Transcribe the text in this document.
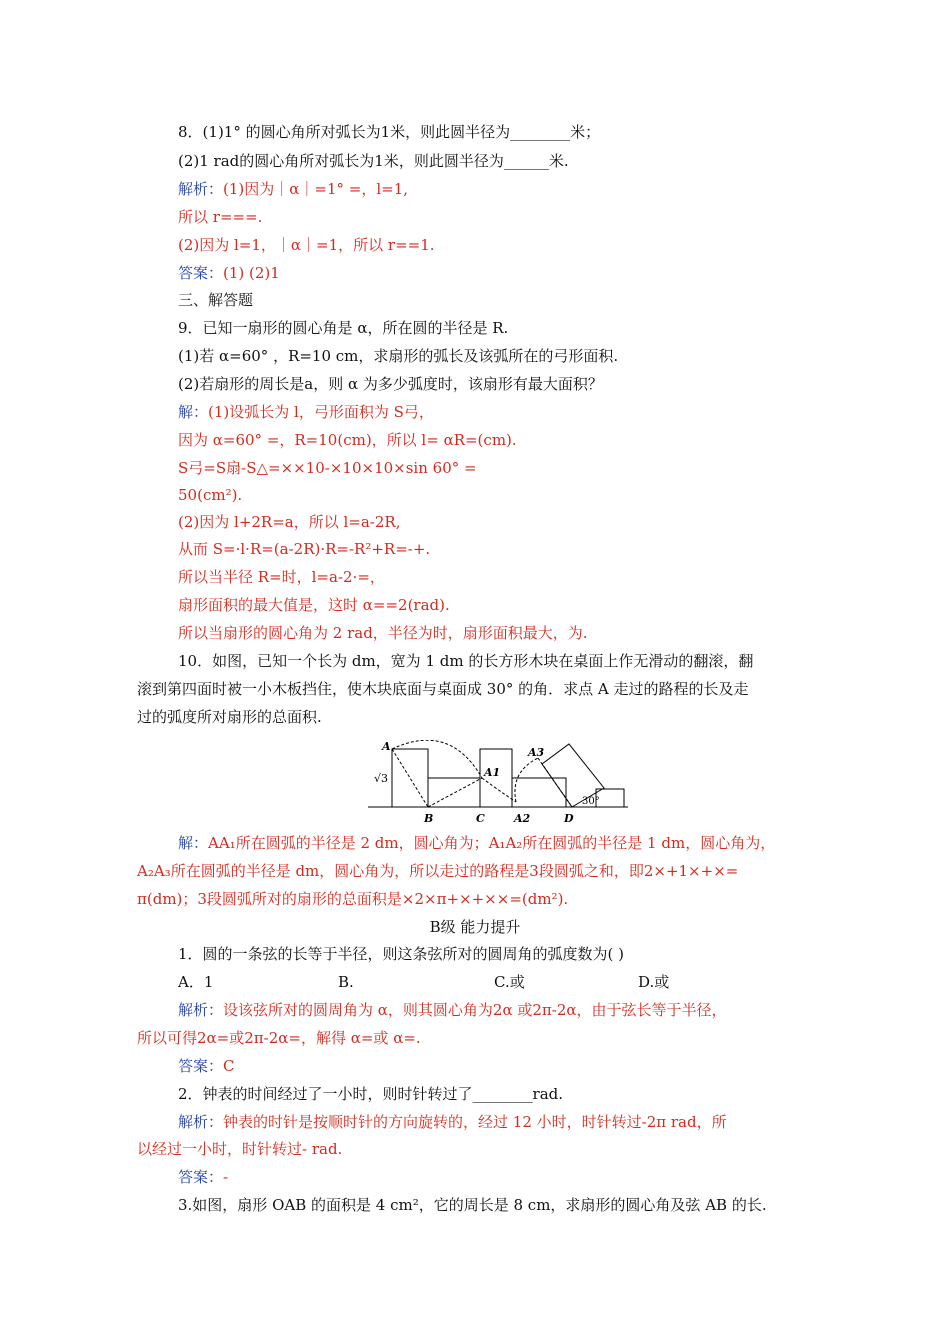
8．(1)1° 的圆心角所对弧长为1米，则此圆半径为________米；
(2)1 rad的圆心角所对弧长为1米，则此圆半径为______米.
解析：(1)因为｜α｜=1° =，l=1,
所以 r===.
(2)因为 l=1，｜α｜=1，所以 r==1.
答案：(1) (2)1
三、解答题
9．已知一扇形的圆心角是 α，所在圆的半径是 R.
(1)若 α=60° ，R=10 cm，求扇形的弧长及该弧所在的弓形面积.
(2)若扇形的周长是a，则 α 为多少弧度时，该扇形有最大面积？
解：(1)设弧长为 l，弓形面积为 S弓，
因为 α=60° =，R=10(cm)，所以 l= αR=(cm).
S弓=S扇-S△=××10-×10×10×sin 60° =
50(cm²).
(2)因为 l+2R=a，所以 l=a-2R,
从而 S=·l·R=(a-2R)·R=-R²+R=-+.
所以当半径 R=时，l=a-2·=，
扇形面积的最大值是，这时 α==2(rad).
所以当扇形的圆心角为 2 rad，半径为时，扇形面积最大，为.
10．如图，已知一个长为 dm，宽为 1 dm 的长方形木块在桌面上作无滑动的翻滚，翻
滚到第四面时被一小木板挡住，使木块底面与桌面成 30° 的角．求点 A 走过的路程的长及走
过的弧度所对扇形的总面积.
A
A1
A2
A3
B	C	D
√3
30°
解：AA₁所在圆弧的半径是 2 dm，圆心角为；A₁A₂所在圆弧的半径是 1 dm，圆心角为，
A₂A₃所在圆弧的半径是 dm，圆心角为，所以走过的路程是3段圆弧之和，即2×+1×+×=
π(dm)；3段圆弧所对的扇形的总面积是×2×π+×+××=(dm²).
B级 能力提升
1．圆的一条弦的长等于半径，则这条弦所对的圆周角的弧度数为( )
A．1	B.	C.或	D.或
解析：设该弦所对的圆周角为 α，则其圆心角为2α 或2π-2α，由于弦长等于半径，
所以可得2α=或2π-2α=，解得 α=或 α=.
答案：C
2．钟表的时间经过了一小时，则时针转过了________rad.
解析：钟表的时针是按顺时针的方向旋转的，经过 12 小时，时针转过-2π rad，所
以经过一小时，时针转过- rad.
答案：-
3.如图，扇形 OAB 的面积是 4 cm²，它的周长是 8 cm，求扇形的圆心角及弦 AB 的长.
